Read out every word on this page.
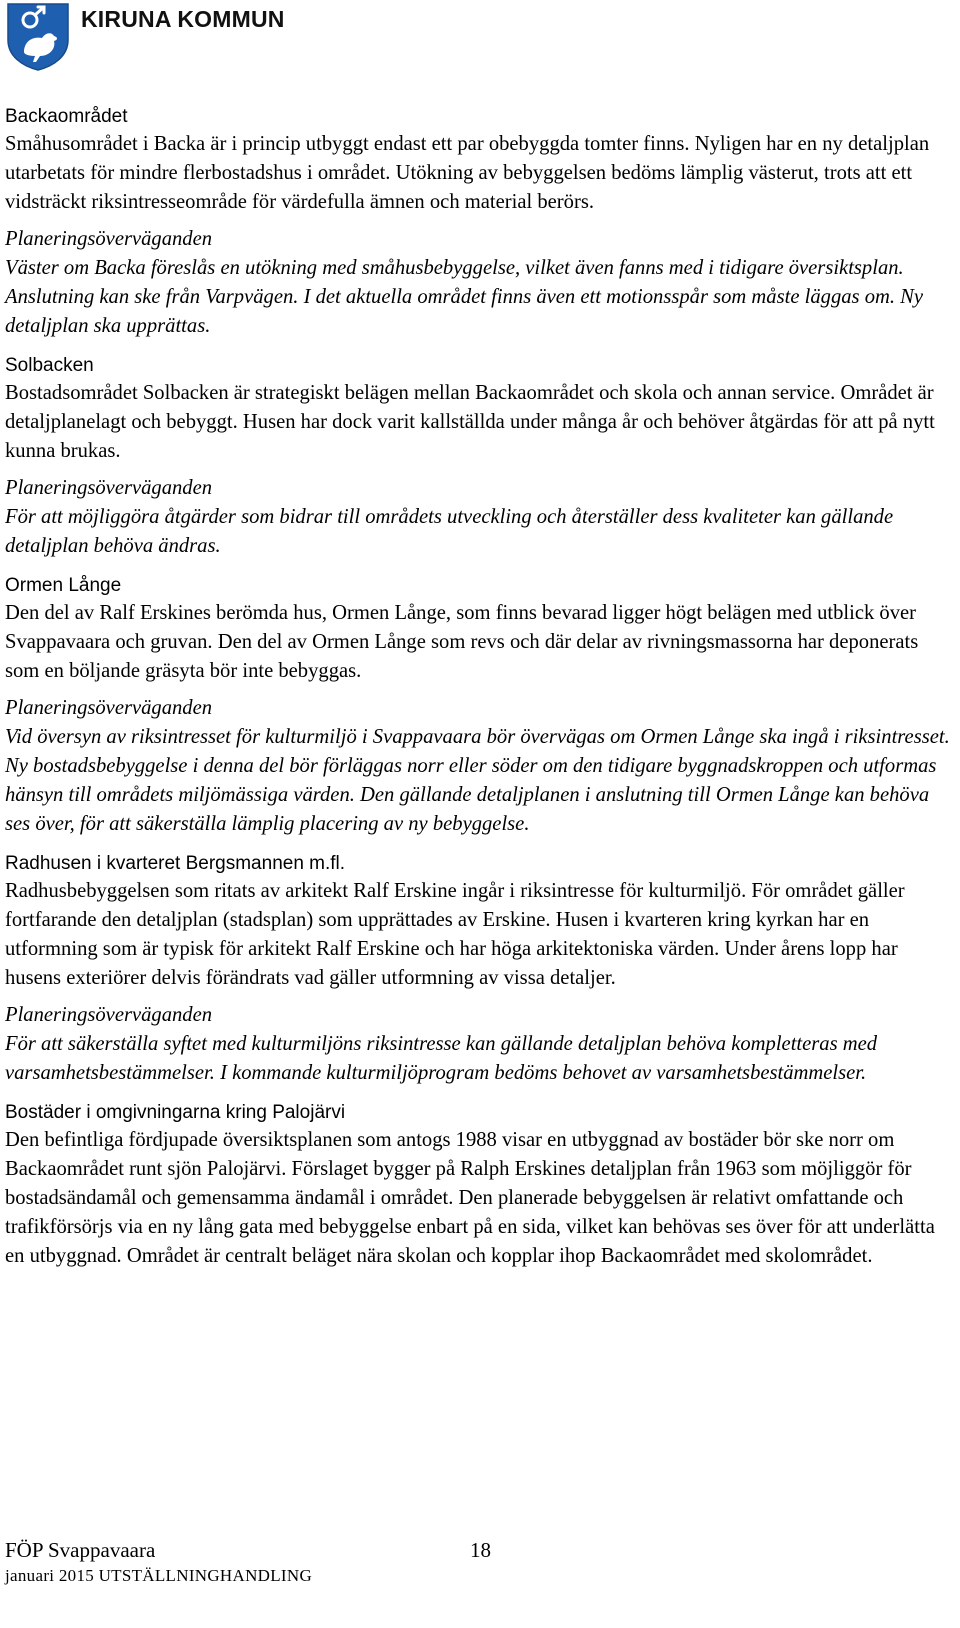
KIRUNA KOMMUN

Backaområdet

Småhusområdet i Backa är i princip utbyggt endast ett par obebyggda tomter finns. Nyligen har en ny detaljplan utarbetats för mindre flerbostadshus i området. Utökning av bebyggelsen bedöms lämplig västerut, trots att ett vidsträckt riksintresseområde för värdefulla ämnen och material berörs.

Planeringsöverväganden

Väster om Backa föreslås en utökning med småhusbebyggelse, vilket även fanns med i tidigare översiktsplan. Anslutning kan ske från Varpvägen. I det aktuella området finns även ett motionsspår som måste läggas om. Ny detaljplan ska upprättas.

Solbacken

Bostadsområdet Solbacken är strategiskt belägen mellan Backaområdet och skola och annan service. Området är detaljplanelagt och bebyggt. Husen har dock varit kallställda under många år och behöver åtgärdas för att på nytt kunna brukas.

Planeringsöverväganden

För att möjliggöra åtgärder som bidrar till områdets utveckling och återställer dess kvaliteter kan gällande detaljplan behöva ändras.

Ormen Långe

Den del av Ralf Erskines berömda hus, Ormen Långe, som finns bevarad ligger högt belägen med utblick över Svappavaara och gruvan. Den del av Ormen Långe som revs och där delar av rivningsmassorna har deponerats som en böljande gräsyta bör inte bebyggas.

Planeringsöverväganden

Vid översyn av riksintresset för kulturmiljö i Svappavaara bör övervägas om Ormen Långe ska ingå i riksintresset. Ny bostadsbebyggelse i denna del bör förläggas norr eller söder om den tidigare byggnadskroppen och utformas hänsyn till områdets miljömässiga värden. Den gällande detaljplanen i anslutning till Ormen Långe kan behöva ses över, för att säkerställa lämplig placering av ny bebyggelse.

Radhusen i kvarteret Bergsmannen m.fl.

Radhusbebyggelsen som ritats av arkitekt Ralf Erskine ingår i riksintresse för kulturmiljö. För området gäller fortfarande den detaljplan (stadsplan) som upprättades av Erskine. Husen i kvarteren kring kyrkan har en utformning som är typisk för arkitekt Ralf Erskine och har höga arkitektoniska värden. Under årens lopp har husens exteriörer delvis förändrats vad gäller utformning av vissa detaljer.

Planeringsöverväganden

För att säkerställa syftet med kulturmiljöns riksintresse kan gällande detaljplan behöva kompletteras med varsamhetsbestämmelser. I kommande kulturmiljöprogram bedöms behovet av varsamhetsbestämmelser.

Bostäder i omgivningarna kring Palojärvi

Den befintliga fördjupade översiktsplanen som antogs 1988 visar en utbyggnad av bostäder bör ske norr om Backaområdet runt sjön Palojärvi. Förslaget bygger på Ralph Erskines detaljplan från 1963 som möjliggör för bostadsändamål och gemensamma ändamål i området. Den planerade bebyggelsen är relativt omfattande och trafikförsörjs via en ny lång gata med bebyggelse enbart på en sida, vilket kan behövas ses över för att underlätta en utbyggnad. Området är centralt beläget nära skolan och kopplar ihop Backaområdet med skolområdet.

FÖP Svappavaara	18
januari 2015 UTSTÄLLNINGHANDLING
